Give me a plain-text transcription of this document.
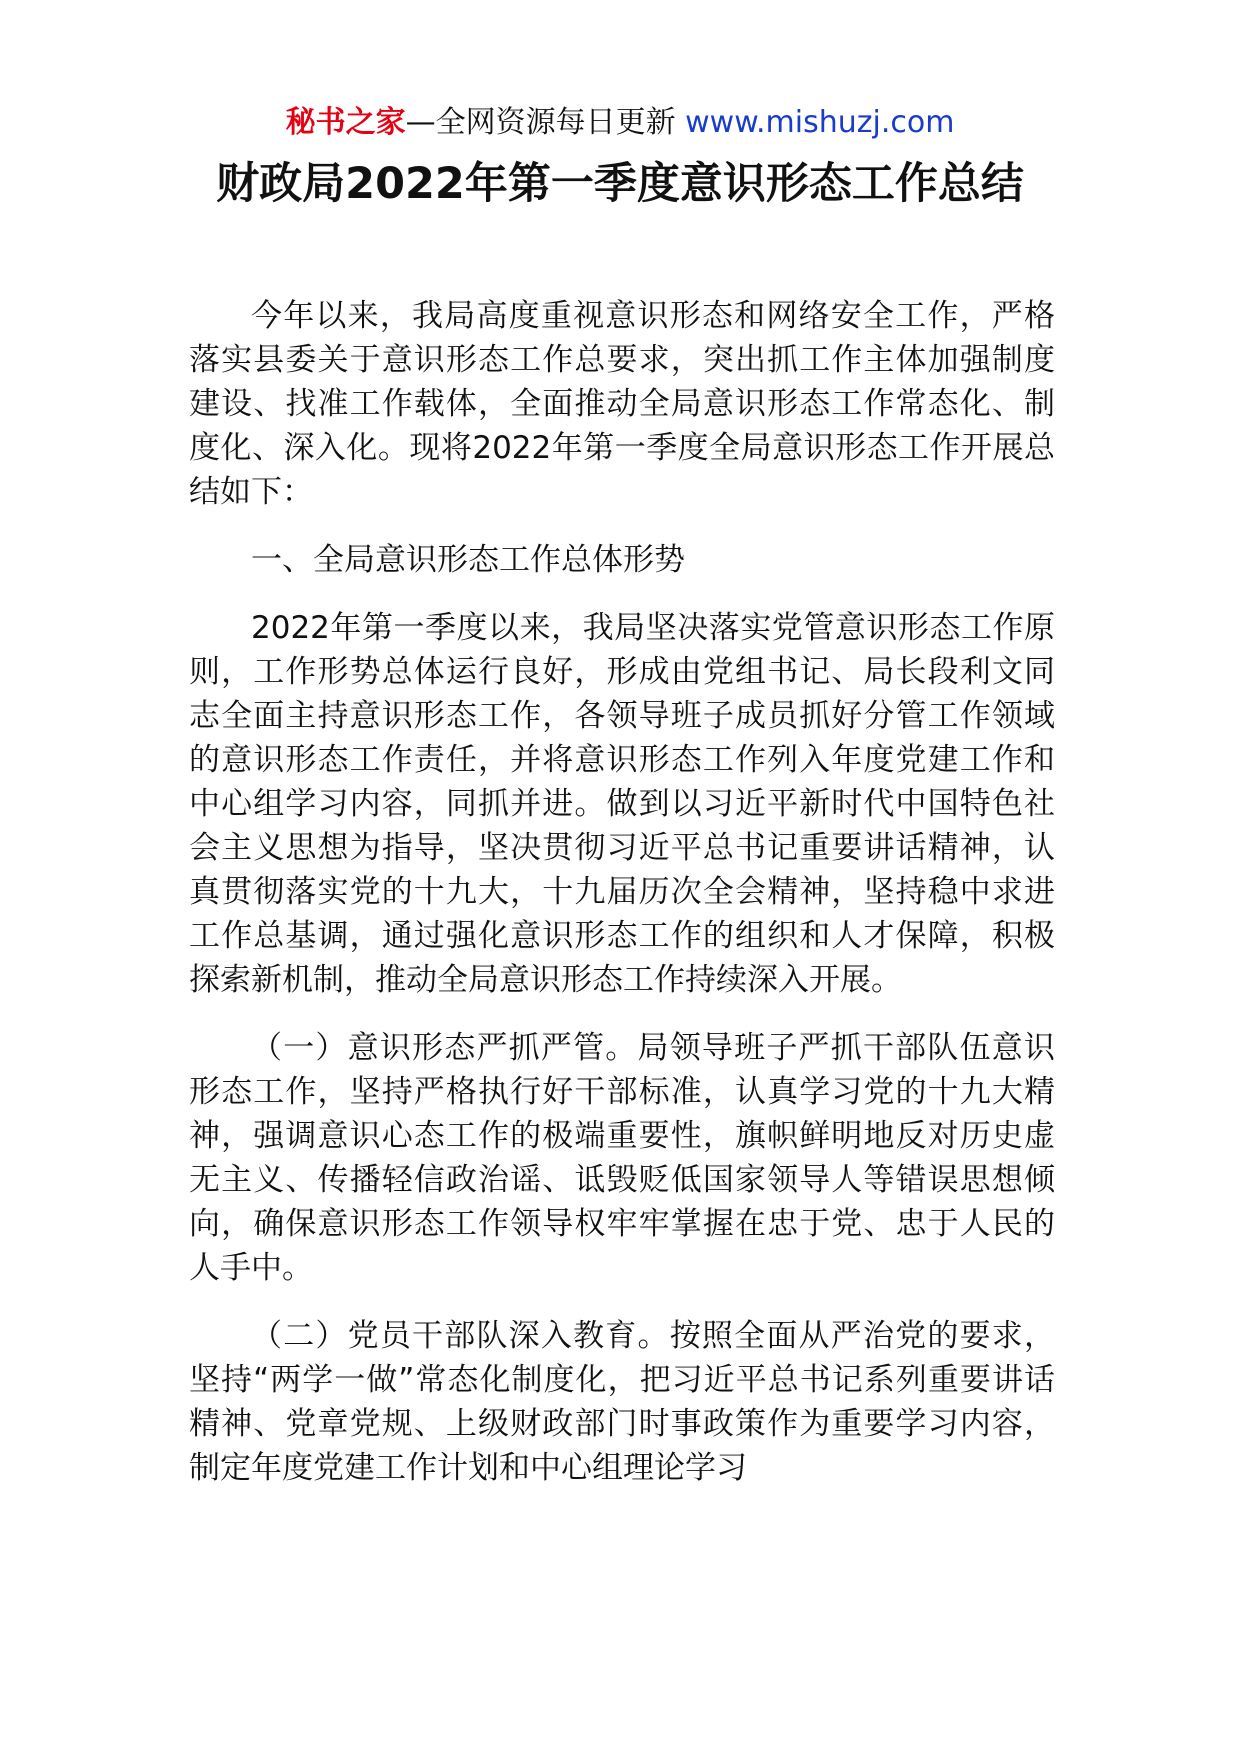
秘书之家—全网资源每日更新 www.mishuzj.com
财政局2022年第一季度意识形态工作总结

今年以来，我局高度重视意识形态和网络安全工作，严格落实县委关于意识形态工作总要求，突出抓工作主体加强制度建设、找准工作载体，全面推动全局意识形态工作常态化、制度化、深入化。现将2022年第一季度全局意识形态工作开展总结如下：

一、全局意识形态工作总体形势

2022年第一季度以来，我局坚决落实党管意识形态工作原则，工作形势总体运行良好，形成由党组书记、局长段利文同志全面主持意识形态工作，各领导班子成员抓好分管工作领域的意识形态工作责任，并将意识形态工作列入年度党建工作和中心组学习内容，同抓并进。做到以习近平新时代中国特色社会主义思想为指导，坚决贯彻习近平总书记重要讲话精神，认真贯彻落实党的十九大，十九届历次全会精神，坚持稳中求进工作总基调，通过强化意识形态工作的组织和人才保障，积极探索新机制，推动全局意识形态工作持续深入开展。

（一）意识形态严抓严管。局领导班子严抓干部队伍意识形态工作，坚持严格执行好干部标准，认真学习党的十九大精神，强调意识心态工作的极端重要性，旗帜鲜明地反对历史虚无主义、传播轻信政治谣、诋毁贬低国家领导人等错误思想倾向，确保意识形态工作领导权牢牢掌握在忠于党、忠于人民的人手中。

（二）党员干部队深入教育。按照全面从严治党的要求，坚持“两学一做”常态化制度化，把习近平总书记系列重要讲话精神、党章党规、上级财政部门时事政策作为重要学习内容，制定年度党建工作计划和中心组理论学习
